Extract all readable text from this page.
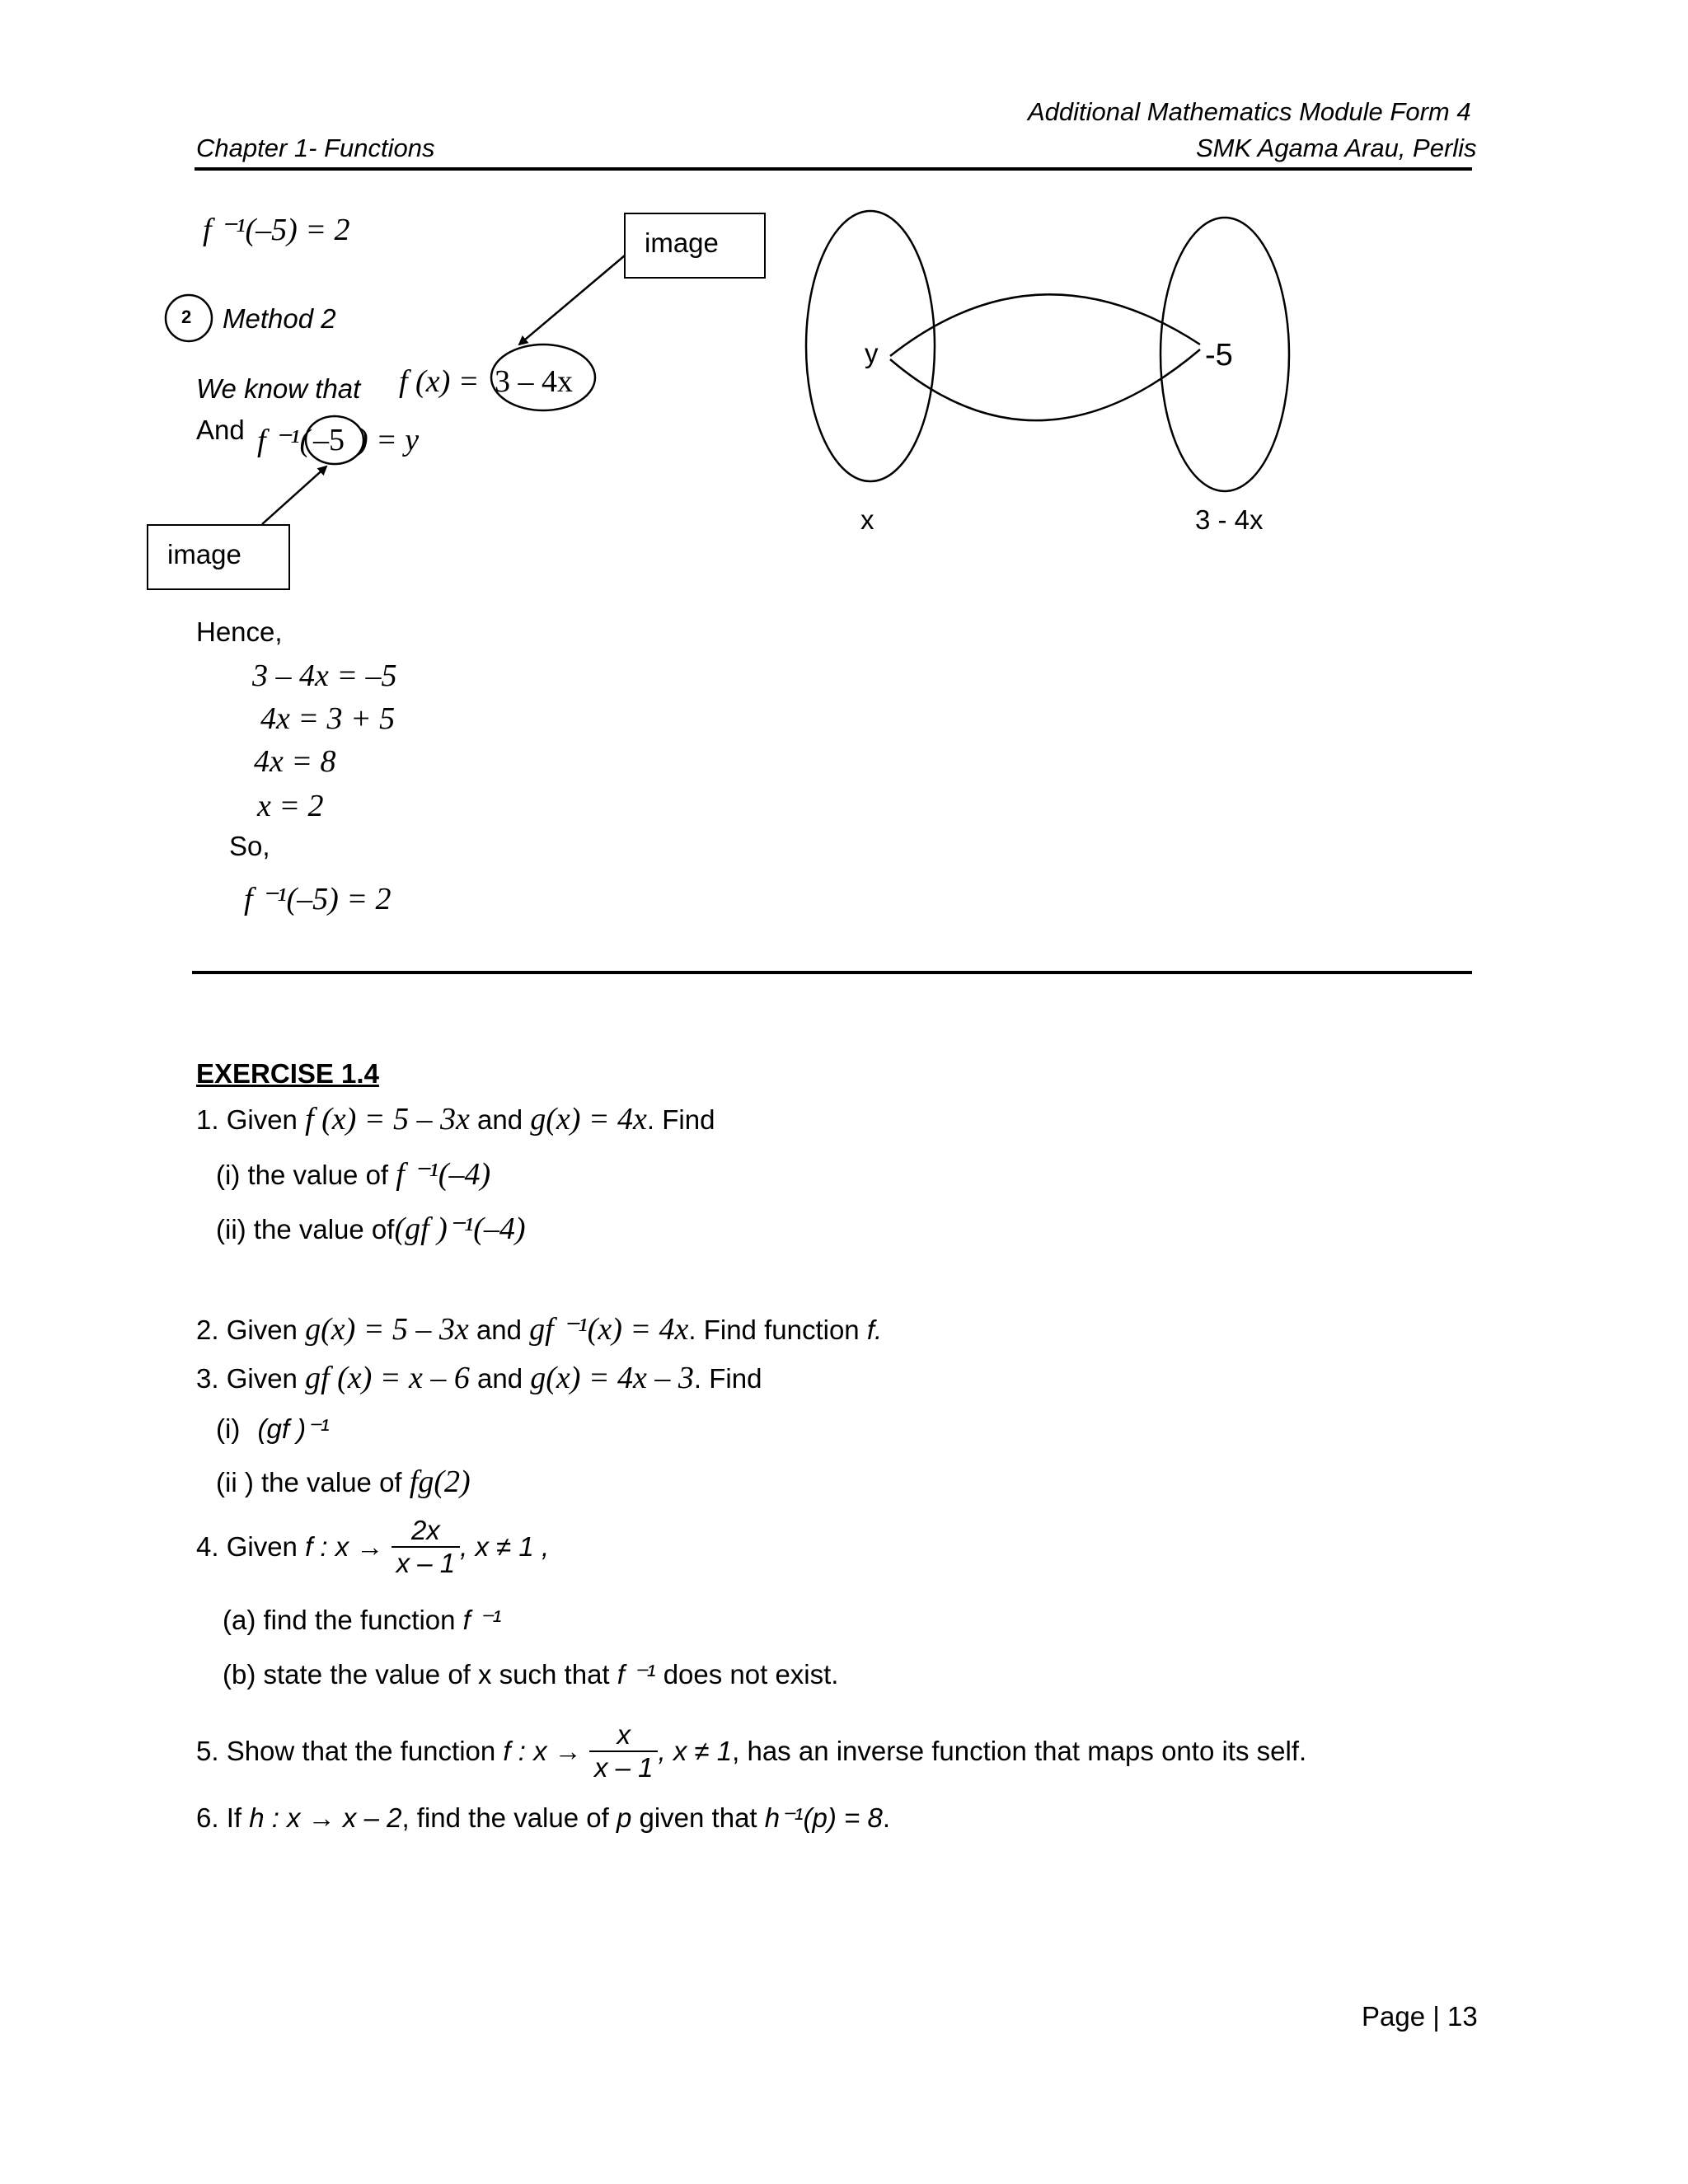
Additional Mathematics Module Form 4
Chapter 1- Functions	SMK Agama Arau, Perlis
f ⁻¹(–5) = 2	image
2 Method 2
We know that f (x) = 3 – 4x
And f ⁻¹( –5 ) = y
image
y	-5
x	3 - 4x
Hence,
3 – 4x = –5
4x = 3 + 5
4x = 8
x = 2
So,
f ⁻¹(–5) = 2
EXERCISE 1.4
1. Given f (x) = 5 – 3x and g(x) = 4x. Find
(i) the value of f ⁻¹(–4)
(ii) the value of(gf )⁻¹(–4)
2. Given g(x) = 5 – 3x and gf ⁻¹(x) = 4x. Find function f.
3. Given gf (x) = x – 6 and g(x) = 4x – 3. Find
(i) (gf )⁻¹
(ii ) the value of fg(2)
4. Given f : $x \to \frac{2x}{x - 1}$ , x ≠ 1 ,
(a) find the function f ⁻¹
(b) state the value of x such that f ⁻¹ does not exist.
5. Show that the function f : $x \to \frac{x}{x - 1}$ , x ≠ 1, has an inverse function that maps onto its self.
6. If h : x → x – 2, find the value of p given that h⁻¹(p) = 8.
Page | 13
